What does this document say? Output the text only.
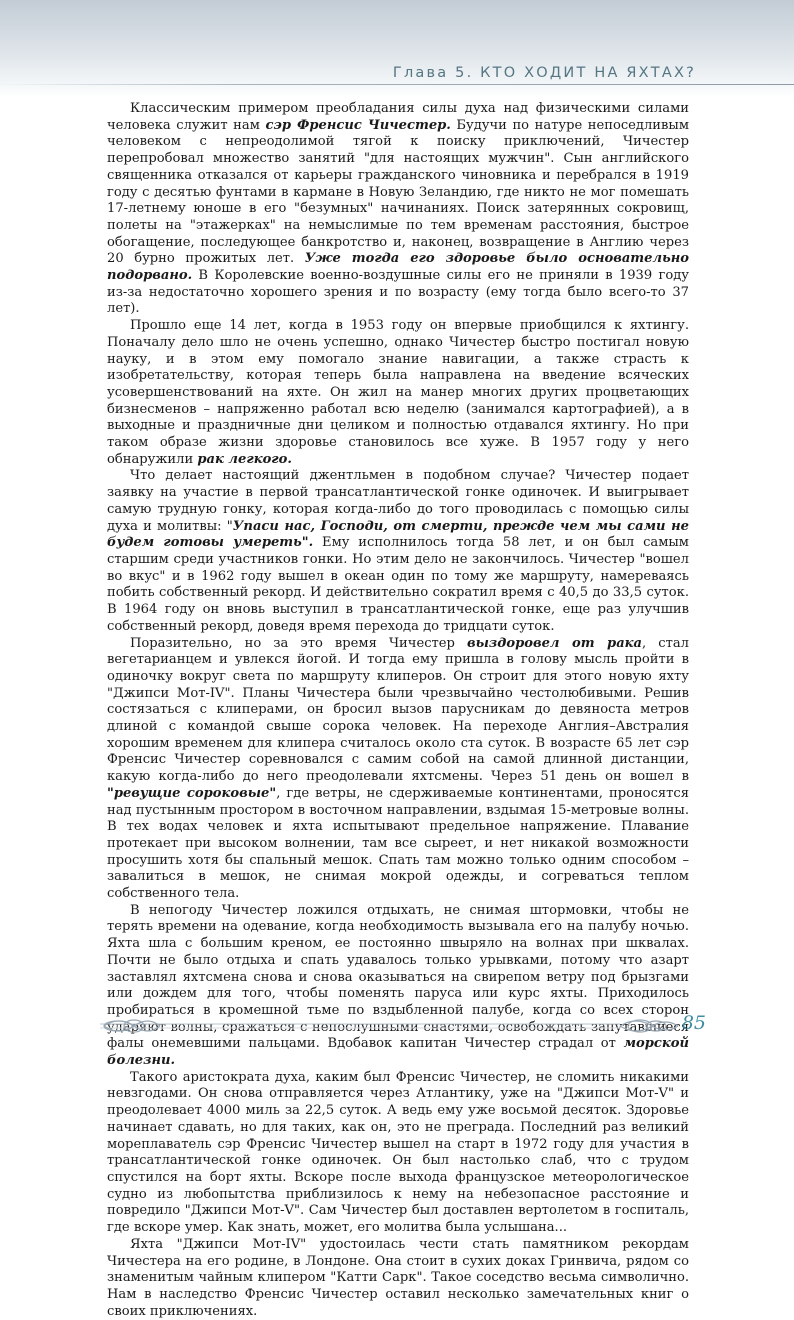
Глава 5. КТО ХОДИТ НА ЯХТАХ?

Классическим примером преобладания силы духа над физическими силами человека служит нам сэр Френсис Чичестер. Будучи по натуре непоседливым человеком с непреодолимой тягой к поиску приключений, Чичестер перепробовал множество занятий "для настоящих мужчин". Сын английского священника отказался от карьеры гражданского чиновника и перебрался в 1919 году с десятью фунтами в кармане в Новую Зеландию, где никто не мог помешать 17-летнему юноше в его "безумных" начинаниях. Поиск затерянных сокровищ, полеты на "этажерках" на немыслимые по тем временам расстояния, быстрое обогащение, последующее банкротство и, наконец, возвращение в Англию через 20 бурно прожитых лет. Уже тогда его здоровье было основательно подорвано. В Королевские военно-воздушные силы его не приняли в 1939 году из-за недостаточно хорошего зрения и по возрасту (ему тогда было всего-то 37 лет).

Прошло еще 14 лет, когда в 1953 году он впервые приобщился к яхтингу. Поначалу дело шло не очень успешно, однако Чичестер быстро постигал новую науку, и в этом ему помогало знание навигации, а также страсть к изобретательству, которая теперь была направлена на введение всяческих усовершенствований на яхте. Он жил на манер многих других процветающих бизнесменов – напряженно работал всю неделю (занимался картографией), а в выходные и праздничные дни целиком и полностью отдавался яхтингу. Но при таком образе жизни здоровье становилось все хуже. В 1957 году у него обнаружили рак легкого.

Что делает настоящий джентльмен в подобном случае? Чичестер подает заявку на участие в первой трансатлантической гонке одиночек. И выигрывает самую трудную гонку, которая когда-либо до того проводилась с помощью силы духа и молитвы: "Упаси нас, Господи, от смерти, прежде чем мы сами не будем готовы умереть". Ему исполнилось тогда 58 лет, и он был самым старшим среди участников гонки. Но этим дело не закончилось. Чичестер "вошел во вкус" и в 1962 году вышел в океан один по тому же маршруту, намереваясь побить собственный рекорд. И действительно сократил время с 40,5 до 33,5 суток. В 1964 году он вновь выступил в трансатлантической гонке, еще раз улучшив собственный рекорд, доведя время перехода до тридцати суток.

Поразительно, но за это время Чичестер выздоровел от рака, стал вегетарианцем и увлекся йогой. И тогда ему пришла в голову мысль пройти в одиночку вокруг света по маршруту клиперов. Он строит для этого новую яхту "Джипси Мот-IV". Планы Чичестера были чрезвычайно честолюбивыми. Решив состязаться с клиперами, он бросил вызов парусникам до девяноста метров длиной с командой свыше сорока человек. На переходе Англия–Австралия хорошим временем для клипера считалось около ста суток. В возрасте 65 лет сэр Френсис Чичестер соревновался с самим собой на самой длинной дистанции, какую когда-либо до него преодолевали яхтсмены. Через 51 день он вошел в "ревущие сороковые", где ветры, не сдерживаемые континентами, проносятся над пустынным простором в восточном направлении, вздымая 15-метровые волны. В тех водах человек и яхта испытывают предельное напряжение. Плавание протекает при высоком волнении, там все сыреет, и нет никакой возможности просушить хотя бы спальный мешок. Спать там можно только одним способом – завалиться в мешок, не снимая мокрой одежды, и согреваться теплом собственного тела.

В непогоду Чичестер ложился отдыхать, не снимая штормовки, чтобы не терять времени на одевание, когда необходимость вызывала его на палубу ночью. Яхта шла с большим креном, ее постоянно швыряло на волнах при шквалах. Почти не было отдыха и спать удавалось только урывками, потому что азарт заставлял яхтсмена снова и снова оказываться на свирепом ветру под брызгами или дождем для того, чтобы поменять паруса или курс яхты. Приходилось пробираться в кромешной тьме по вздыбленной палубе, когда со всех сторон ударяют волны, сражаться с непослушными снастями, освобождать запутавшиеся фалы онемевшими пальцами. Вдобавок капитан Чичестер страдал от морской болезни.

Такого аристократа духа, каким был Френсис Чичестер, не сломить никакими невзгодами. Он снова отправляется через Атлантику, уже на "Джипси Мот-V" и преодолевает 4000 миль за 22,5 суток. А ведь ему уже восьмой десяток. Здоровье начинает сдавать, но для таких, как он, это не преграда. Последний раз великий мореплаватель сэр Френсис Чичестер вышел на старт в 1972 году для участия в трансатлантической гонке одиночек. Он был настолько слаб, что с трудом спустился на борт яхты. Вскоре после выхода французское метеорологическое судно из любопытства приблизилось к нему на небезопасное расстояние и повредило "Джипси Мот-V". Сам Чичестер был доставлен вертолетом в госпиталь, где вскоре умер. Как знать, может, его молитва была услышана...

Яхта "Джипси Мот-IV" удостоилась чести стать памятником рекордам Чичестера на его родине, в Лондоне. Она стоит в сухих доках Гринвича, рядом со знаменитым чайным клипером "Катти Сарк". Такое соседство весьма символично. Нам в наследство Френсис Чичестер оставил несколько замечательных книг о своих приключениях.

85
